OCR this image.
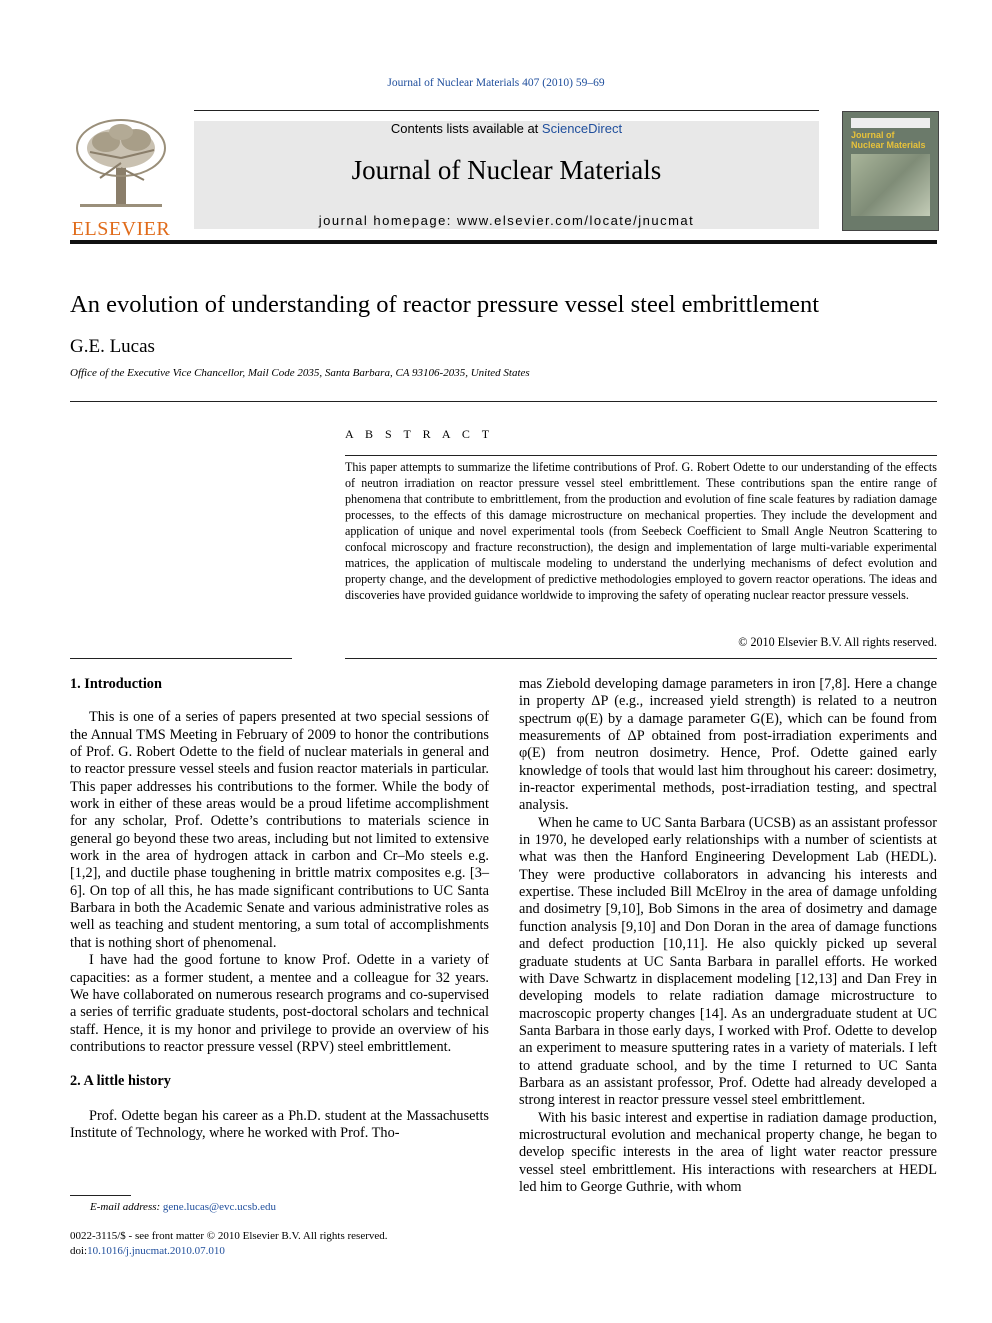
Journal of Nuclear Materials 407 (2010) 59–69
ELSEVIER
Contents lists available at ScienceDirect
Journal of Nuclear Materials
journal homepage: www.elsevier.com/locate/jnucmat
Journal of Nuclear Materials
An evolution of understanding of reactor pressure vessel steel embrittlement
G.E. Lucas
Office of the Executive Vice Chancellor, Mail Code 2035, Santa Barbara, CA 93106-2035, United States
A B S T R A C T
This paper attempts to summarize the lifetime contributions of Prof. G. Robert Odette to our understanding of the effects of neutron irradiation on reactor pressure vessel steel embrittlement. These contributions span the entire range of phenomena that contribute to embrittlement, from the production and evolution of fine scale features by radiation damage processes, to the effects of this damage microstructure on mechanical properties. They include the development and application of unique and novel experimental tools (from Seebeck Coefficient to Small Angle Neutron Scattering to confocal microscopy and fracture reconstruction), the design and implementation of large multi-variable experimental matrices, the application of multiscale modeling to understand the underlying mechanisms of defect evolution and property change, and the development of predictive methodologies employed to govern reactor operations. The ideas and discoveries have provided guidance worldwide to improving the safety of operating nuclear reactor pressure vessels.
© 2010 Elsevier B.V. All rights reserved.
1. Introduction

This is one of a series of papers presented at two special sessions of the Annual TMS Meeting in February of 2009 to honor the contributions of Prof. G. Robert Odette to the field of nuclear materials in general and to reactor pressure vessel steels and fusion reactor materials in particular. This paper addresses his contributions to the former. While the body of work in either of these areas would be a proud lifetime accomplishment for any scholar, Prof. Odette’s contributions to materials science in general go beyond these two areas, including but not limited to extensive work in the area of hydrogen attack in carbon and Cr–Mo steels e.g. [1,2], and ductile phase toughening in brittle matrix composites e.g. [3–6]. On top of all this, he has made significant contributions to UC Santa Barbara in both the Academic Senate and various administrative roles as well as teaching and student mentoring, a sum total of accomplishments that is nothing short of phenomenal.

I have had the good fortune to know Prof. Odette in a variety of capacities: as a former student, a mentee and a colleague for 32 years. We have collaborated on numerous research programs and co-supervised a series of terrific graduate students, post-doctoral scholars and technical staff. Hence, it is my honor and privilege to provide an overview of his contributions to reactor pressure vessel (RPV) steel embrittlement.

2. A little history

Prof. Odette began his career as a Ph.D. student at the Massachusetts Institute of Technology, where he worked with Prof. Tho-

mas Ziebold developing damage parameters in iron [7,8]. Here a change in property ΔP (e.g., increased yield strength) is related to a neutron spectrum φ(E) by a damage parameter G(E), which can be found from measurements of ΔP obtained from post-irradiation experiments and φ(E) from neutron dosimetry. Hence, Prof. Odette gained early knowledge of tools that would last him throughout his career: dosimetry, in-reactor experimental methods, post-irradiation testing, and spectral analysis.

When he came to UC Santa Barbara (UCSB) as an assistant professor in 1970, he developed early relationships with a number of scientists at what was then the Hanford Engineering Development Lab (HEDL). They were productive collaborators in advancing his interests and expertise. These included Bill McElroy in the area of damage unfolding and dosimetry [9,10], Bob Simons in the area of dosimetry and damage function analysis [9,10] and Don Doran in the area of damage functions and defect production [10,11]. He also quickly picked up several graduate students at UC Santa Barbara in parallel efforts. He worked with Dave Schwartz in displacement modeling [12,13] and Dan Frey in developing models to relate radiation damage microstructure to macroscopic property changes [14]. As an undergraduate student at UC Santa Barbara in those early days, I worked with Prof. Odette to develop an experiment to measure sputtering rates in a variety of materials. I left to attend graduate school, and by the time I returned to UC Santa Barbara as an assistant professor, Prof. Odette had already developed a strong interest in reactor pressure vessel steel embrittlement.

With his basic interest and expertise in radiation damage production, microstructural evolution and mechanical property change, he began to develop specific interests in the area of light water reactor pressure vessel steel embrittlement. His interactions with researchers at HEDL led him to George Guthrie, with whom

E-mail address: gene.lucas@evc.ucsb.edu
0022-3115/$ - see front matter © 2010 Elsevier B.V. All rights reserved.
doi:10.1016/j.jnucmat.2010.07.010
